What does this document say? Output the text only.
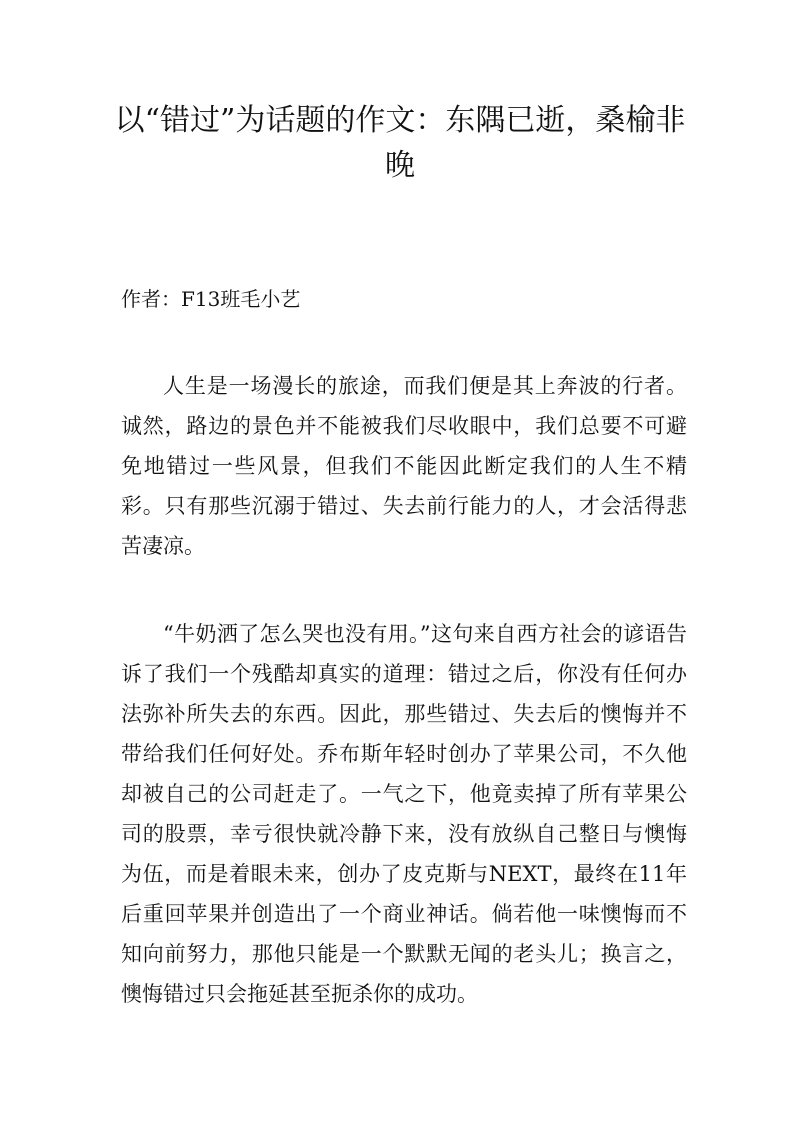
以“错过”为话题的作文：东隅已逝，桑榆非晚

作者：F13班毛小艺

人生是一场漫长的旅途，而我们便是其上奔波的行者。诚然，路边的景色并不能被我们尽收眼中，我们总要不可避免地错过一些风景，但我们不能因此断定我们的人生不精彩。只有那些沉溺于错过、失去前行能力的人，才会活得悲苦凄凉。

“牛奶洒了怎么哭也没有用。”这句来自西方社会的谚语告诉了我们一个残酷却真实的道理：错过之后，你没有任何办法弥补所失去的东西。因此，那些错过、失去后的懊悔并不带给我们任何好处。乔布斯年轻时创办了苹果公司，不久他却被自己的公司赶走了。一气之下，他竟卖掉了所有苹果公司的股票，幸亏很快就冷静下来，没有放纵自己整日与懊悔为伍，而是着眼未来，创办了皮克斯与NEXT，最终在11年后重回苹果并创造出了一个商业神话。倘若他一味懊悔而不知向前努力，那他只能是一个默默无闻的老头儿；换言之，懊悔错过只会拖延甚至扼杀你的成功。
